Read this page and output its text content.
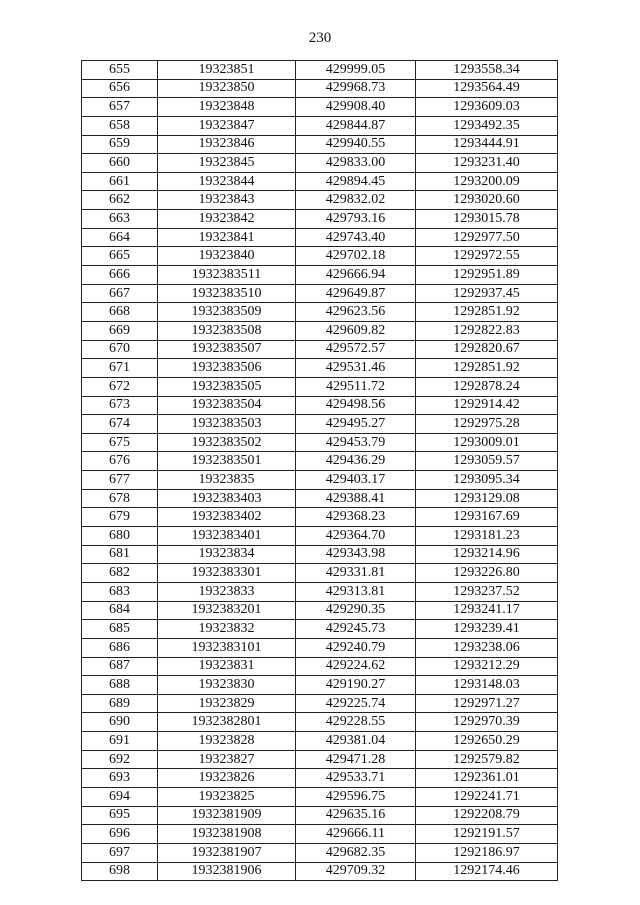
230
655	19323851	429999.05	1293558.34
656	19323850	429968.73	1293564.49
657	19323848	429908.40	1293609.03
658	19323847	429844.87	1293492.35
659	19323846	429940.55	1293444.91
660	19323845	429833.00	1293231.40
661	19323844	429894.45	1293200.09
662	19323843	429832.02	1293020.60
663	19323842	429793.16	1293015.78
664	19323841	429743.40	1292977.50
665	19323840	429702.18	1292972.55
666	1932383511	429666.94	1292951.89
667	1932383510	429649.87	1292937.45
668	1932383509	429623.56	1292851.92
669	1932383508	429609.82	1292822.83
670	1932383507	429572.57	1292820.67
671	1932383506	429531.46	1292851.92
672	1932383505	429511.72	1292878.24
673	1932383504	429498.56	1292914.42
674	1932383503	429495.27	1292975.28
675	1932383502	429453.79	1293009.01
676	1932383501	429436.29	1293059.57
677	19323835	429403.17	1293095.34
678	1932383403	429388.41	1293129.08
679	1932383402	429368.23	1293167.69
680	1932383401	429364.70	1293181.23
681	19323834	429343.98	1293214.96
682	1932383301	429331.81	1293226.80
683	19323833	429313.81	1293237.52
684	1932383201	429290.35	1293241.17
685	19323832	429245.73	1293239.41
686	1932383101	429240.79	1293238.06
687	19323831	429224.62	1293212.29
688	19323830	429190.27	1293148.03
689	19323829	429225.74	1292971.27
690	1932382801	429228.55	1292970.39
691	19323828	429381.04	1292650.29
692	19323827	429471.28	1292579.82
693	19323826	429533.71	1292361.01
694	19323825	429596.75	1292241.71
695	1932381909	429635.16	1292208.79
696	1932381908	429666.11	1292191.57
697	1932381907	429682.35	1292186.97
698	1932381906	429709.32	1292174.46
